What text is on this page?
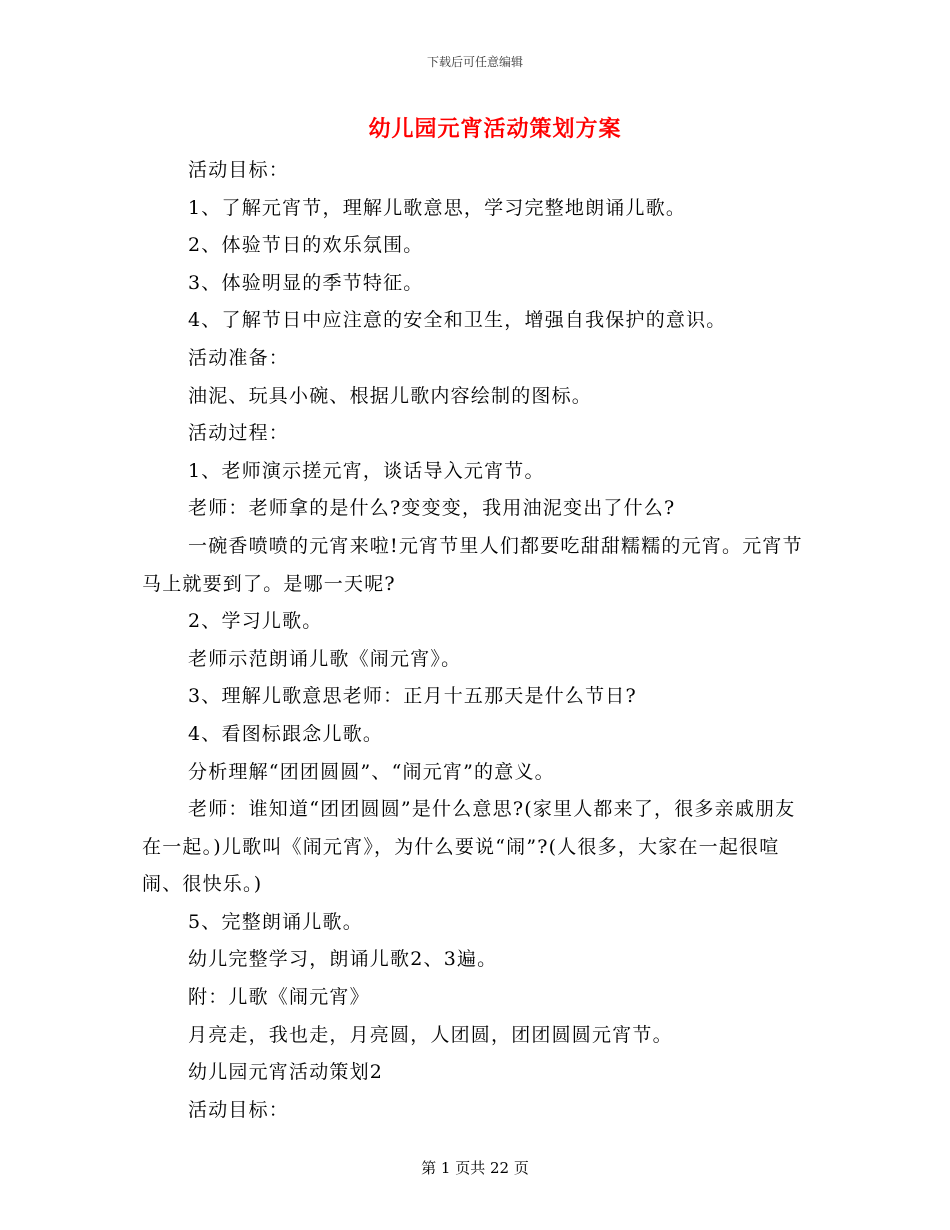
下载后可任意编辑
幼儿园元宵活动策划方案

活动目标：

1、了解元宵节，理解儿歌意思，学习完整地朗诵儿歌。

2、体验节日的欢乐氛围。

3、体验明显的季节特征。

4、了解节日中应注意的安全和卫生，增强自我保护的意识。

活动准备：

油泥、玩具小碗、根据儿歌内容绘制的图标。

活动过程：

1、老师演示搓元宵，谈话导入元宵节。

老师：老师拿的是什么?变变变，我用油泥变出了什么?

一碗香喷喷的元宵来啦!元宵节里人们都要吃甜甜糯糯的元宵。元宵节马上就要到了。是哪一天呢?

2、学习儿歌。

老师示范朗诵儿歌《闹元宵》。

3、理解儿歌意思老师：正月十五那天是什么节日?

4、看图标跟念儿歌。

分析理解“团团圆圆”、“闹元宵”的意义。

老师：谁知道“团团圆圆”是什么意思?(家里人都来了，很多亲戚朋友在一起。)儿歌叫《闹元宵》，为什么要说“闹”?(人很多，大家在一起很喧闹、很快乐。)

5、完整朗诵儿歌。

幼儿完整学习，朗诵儿歌2、3遍。

附：儿歌《闹元宵》

月亮走，我也走，月亮圆，人团圆，团团圆圆元宵节。

幼儿园元宵活动策划2

活动目标：

第 1 页共 22 页
